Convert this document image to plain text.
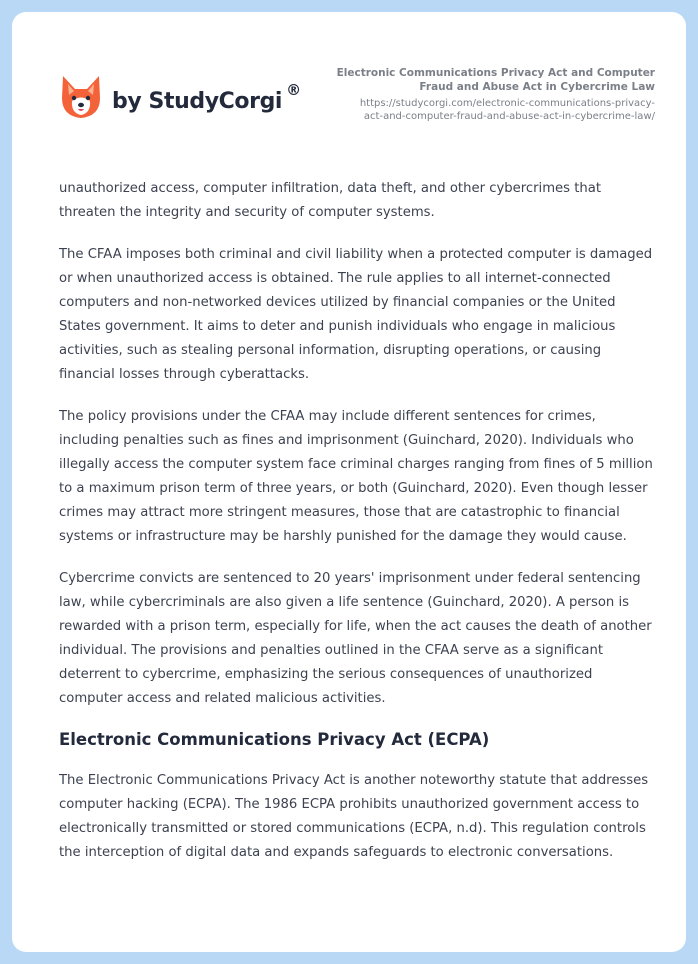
by StudyCorgi ®
Electronic Communications Privacy Act and Computer
Fraud and Abuse Act in Cybercrime Law
https://studycorgi.com/electronic-communications-privacy-
act-and-computer-fraud-and-abuse-act-in-cybercrime-law/

unauthorized access, computer infiltration, data theft, and other cybercrimes that threaten the integrity and security of computer systems.

The CFAA imposes both criminal and civil liability when a protected computer is damaged or when unauthorized access is obtained. The rule applies to all internet-connected computers and non-networked devices utilized by financial companies or the United States government. It aims to deter and punish individuals who engage in malicious activities, such as stealing personal information, disrupting operations, or causing financial losses through cyberattacks.

The policy provisions under the CFAA may include different sentences for crimes, including penalties such as fines and imprisonment (Guinchard, 2020). Individuals who illegally access the computer system face criminal charges ranging from fines of 5 million to a maximum prison term of three years, or both (Guinchard, 2020). Even though lesser crimes may attract more stringent measures, those that are catastrophic to financial systems or infrastructure may be harshly punished for the damage they would cause.

Cybercrime convicts are sentenced to 20 years' imprisonment under federal sentencing law, while cybercriminals are also given a life sentence (Guinchard, 2020). A person is rewarded with a prison term, especially for life, when the act causes the death of another individual. The provisions and penalties outlined in the CFAA serve as a significant deterrent to cybercrime, emphasizing the serious consequences of unauthorized computer access and related malicious activities.

Electronic Communications Privacy Act (ECPA)

The Electronic Communications Privacy Act is another noteworthy statute that addresses computer hacking (ECPA). The 1986 ECPA prohibits unauthorized government access to electronically transmitted or stored communications (ECPA, n.d). This regulation controls the interception of digital data and expands safeguards to electronic conversations.
